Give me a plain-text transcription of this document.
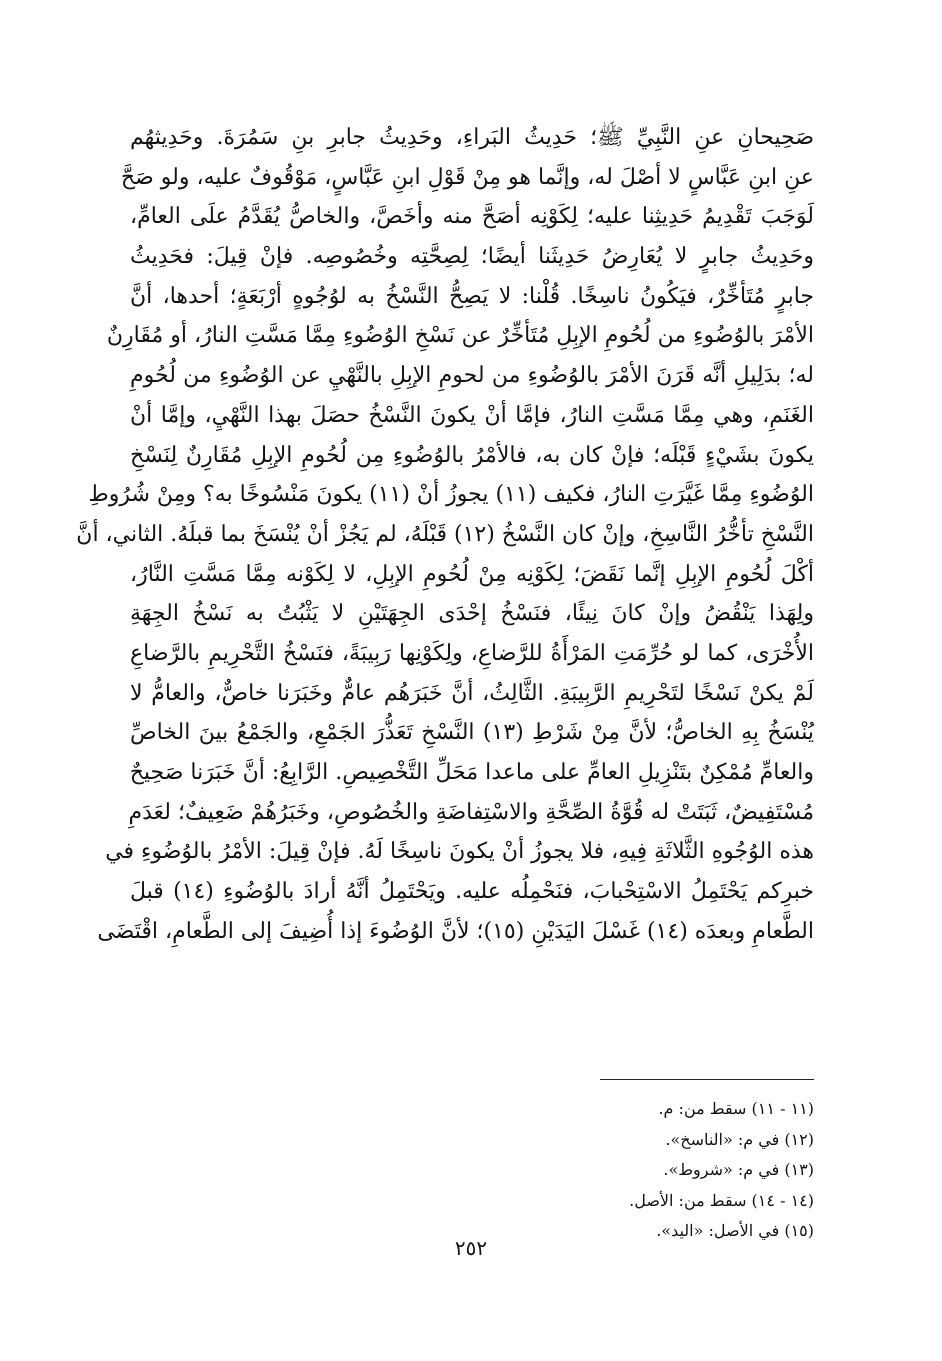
صَحِيحانِ عنِ النَّبِيِّ ﷺ؛ حَدِيثُ البَراءِ، وحَدِيثُ جابرِ بنِ سَمُرَةَ. وحَدِيثهُم
عنِ ابنِ عَبَّاسٍ لا أصْلَ له، وإنَّما هو مِنْ قَوْلِ ابنِ عَبَّاسٍ، مَوْقُوفٌ عليه، ولو صَحَّ
لَوَجَبَ تَقْدِيمُ حَدِيثِنا عليه؛ لِكَوْنِه أصَحَّ منه وأخَصَّ، والخاصُّ يُقَدَّمُ علَى العامِّ،
وحَدِيثُ جابرٍ لا يُعَارِضُ حَدِيثَنا أيضًا؛ لِصِحَّتِه وخُصُوصِه. فإنْ قِيلَ: فحَدِيثُ
جابرٍ مُتَأخِّرٌ، فيَكُونُ ناسِخًا. قُلْنا: لا يَصِحُّ النَّسْخُ به لوُجُوهٍ أرْبَعَةٍ؛ أحدها، أنَّ
الأمْرَ بالوُضُوءِ من لُحُومِ الإبِلِ مُتَأخِّرٌ عن نَسْخِ الوُضُوءِ مِمَّا مَسَّتِ النارُ، أو مُقَارِنٌ
له؛ بدَلِيلِ أنَّه قَرَنَ الأمْرَ بالوُضُوءِ من لحومِ الإبِلِ بالنَّهْيِ عن الوُضُوءِ من لُحُومِ
الغَنَمِ، وهي مِمَّا مَسَّتِ النارُ، فإمَّا أنْ يكونَ النَّسْخُ حصَلَ بهذا النَّهْيِ، وإمَّا أنْ
يكونَ بشَيْءٍ قَبْلَه؛ فإنْ كان به، فالأمْرُ بالوُضُوءِ مِن لُحُومِ الإبِلِ مُقَارِنٌ لِنَسْخِ
الوُضُوءِ مِمَّا غَيَّرَتِ النارُ، فكيف (١١) يجوزُ أنْ (١١) يكونَ مَنْسُوخًا به؟ ومِنْ شُرُوطِ
النَّسْخِ تأخُّرُ النَّاسِخِ، وإنْ كان النَّسْخُ (١٢) قَبْلَهُ، لم يَجُزْ أنْ يُنْسَخَ بما قبلَهُ. الثاني، أنَّ
أكْلَ لُحُومِ الإبِلِ إنَّما نَقَضَ؛ لِكَوْنِه مِنْ لُحُومِ الإبِلِ، لا لِكَوْنه مِمَّا مَسَّتِ النَّارُ،
ولِهَذا يَنْقُضُ وإنْ كانَ نِيئًا، فنَسْخُ إحْدَى الجِهَتَيْنِ لا يَثْبُتُ به نَسْخُ الجِهَةِ
الأُخْرَى، كما لو حُرِّمَتِ المَرْأَةُ للرَّضاعِ، ولِكَوْنِها رَبِيبَةً، فنَسْخُ التَّحْرِيمِ بالرَّضاعِ
لَمْ يكنْ نَسْخًا لتَحْرِيمِ الرَّبِيبَةِ. الثَّالِثُ، أنَّ خَبَرَهُم عامٌّ وخَبَرَنا خاصٌّ، والعامُّ لا
يُنْسَخُ بِهِ الخاصُّ؛ لأنَّ مِنْ شَرْطِ (١٣) النَّسْخِ تَعَذُّرَ الجَمْعِ، والجَمْعُ بينَ الخاصِّ
والعامِّ مُمْكِنٌ بتَنْزِيلِ العامِّ على ماعدا مَحَلِّ التَّخْصِيصِ. الرَّابِعُ: أنَّ خَبَرَنا صَحِيحٌ
مُسْتَفِيضٌ، ثَبَتَتْ له قُوَّةُ الصِّحَّةِ والاسْتِفاضَةِ والخُصُوصِ، وخَبَرُهُمْ ضَعِيفٌ؛ لعَدَمِ
هذه الوُجُوهِ الثَّلاثَةِ فِيهِ، فلا يجوزُ أنْ يكونَ ناسِخًا لَهُ. فإنْ قِيلَ: الأمْرُ بالوُضُوءِ في
خبرِكم يَحْتَمِلُ الاسْتِحْبابَ، فنَحْمِلُه عليه. ويَحْتَمِلُ أنَّهُ أرادَ بالوُضُوءِ (١٤) قبلَ
الطَّعامِ وبعدَه (١٤) غَسْلَ اليَدَيْنِ (١٥)؛ لأنَّ الوُضُوءَ إذا أُضِيفَ إلى الطَّعامِ، اقْتَضَى
(١١ - ١١) سقط من: م.
(١٢) في م: «الناسخ».
(١٣) في م: «شروط».
(١٤ - ١٤) سقط من: الأصل.
(١٥) في الأصل: «اليد».
٢٥٢
